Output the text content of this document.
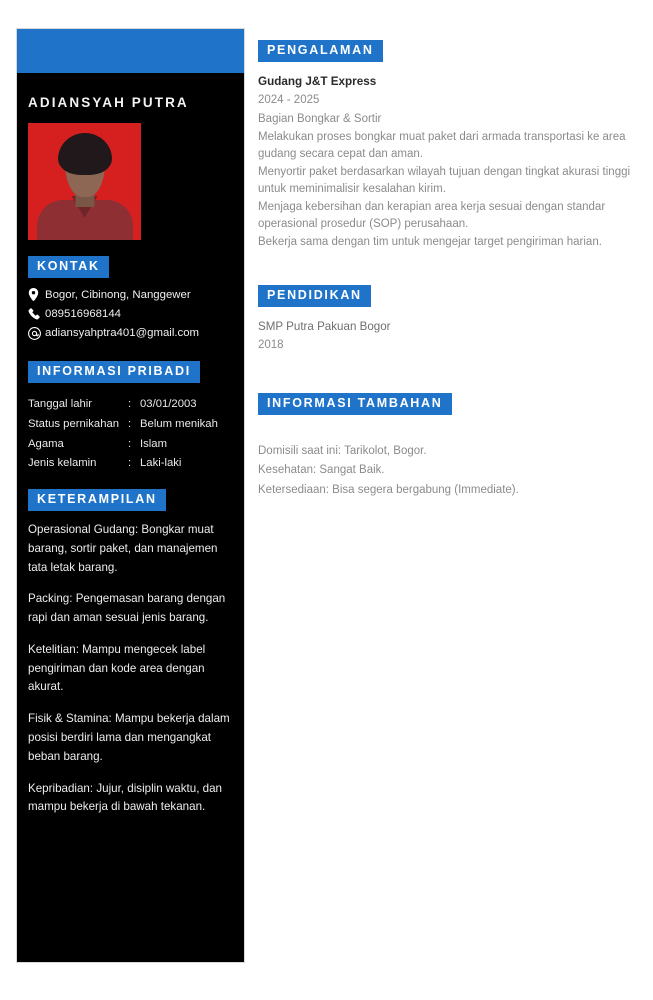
ADIANSYAH PUTRA
KONTAK
Bogor, Cibinong, Nanggewer
089516968144
adiansyahptra401@gmail.com
INFORMASI PRIBADI
Tanggal lahir	:	03/01/2003
Status pernikahan	:	Belum menikah
Agama	:	Islam
Jenis kelamin	:	Laki-laki
KETERAMPILAN

Operasional Gudang: Bongkar muat barang, sortir paket, dan manajemen tata letak barang.

Packing: Pengemasan barang dengan rapi dan aman sesuai jenis barang.

Ketelitian: Mampu mengecek label pengiriman dan kode area dengan akurat.

Fisik & Stamina: Mampu bekerja dalam posisi berdiri lama dan mengangkat beban barang.

Kepribadian: Jujur, disiplin waktu, dan mampu bekerja di bawah tekanan.

PENGALAMAN

Gudang J&T Express

2024 - 2025

Bagian Bongkar & Sortir

Melakukan proses bongkar muat paket dari armada transportasi ke area gudang secara cepat dan aman.

Menyortir paket berdasarkan wilayah tujuan dengan tingkat akurasi tinggi untuk meminimalisir kesalahan kirim.

Menjaga kebersihan dan kerapian area kerja sesuai dengan standar operasional prosedur (SOP) perusahaan.

Bekerja sama dengan tim untuk mengejar target pengiriman harian.

PENDIDIKAN

SMP Putra Pakuan Bogor

2018

INFORMASI TAMBAHAN

Domisili saat ini: Tarikolot, Bogor.

Kesehatan: Sangat Baik.

Ketersediaan: Bisa segera bergabung (Immediate).
